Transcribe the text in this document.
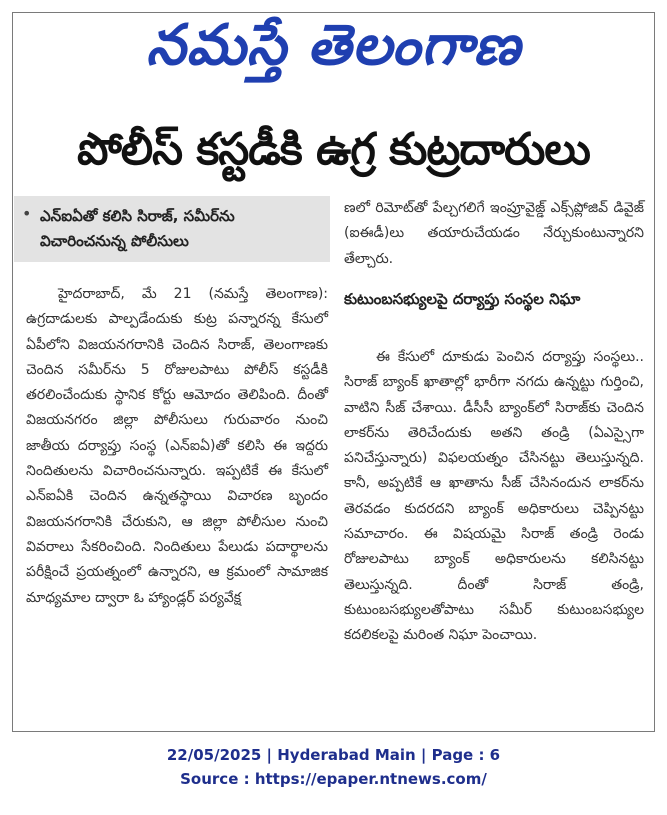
నమస్తే తెలంగాణ
పోలీస్ కస్టడీకి ఉగ్ర కుట్రదారులు
• ఎన్ఐఏతో కలిసి సిరాజ్, సమీర్‌ను విచారించనున్న పోలీసులు

హైదరాబాద్, మే 21 (నమస్తే తెలంగాణ): ఉగ్రదాడులకు పాల్పడేందుకు కుట్ర పన్నారన్న కేసులో ఏపీలోని విజయనగరానికి చెందిన సిరాజ్, తెలంగాణకు చెందిన సమీర్‌ను 5 రోజులపాటు పోలీస్ కస్టడీకి తరలించేందుకు స్థానిక కోర్టు ఆమోదం తెలిపింది. దీంతో విజయనగరం జిల్లా పోలీసులు గురువారం నుంచి జాతీయ దర్యాప్తు సంస్థ (ఎన్ఐఏ)తో కలిసి ఈ ఇద్దరు నిందితులను విచారించనున్నారు. ఇప్పటికే ఈ కేసులో ఎన్ఐఏకి చెందిన ఉన్నతస్థాయి విచారణ బృందం విజయనగరానికి చేరుకుని, ఆ జిల్లా పోలీసుల నుంచి వివరాలు సేకరించింది. నిందితులు పేలుడు పదార్థాలను పరీక్షించే ప్రయత్నంలో ఉన్నారని, ఆ క్రమంలో సామాజిక మాధ్యమాల ద్వారా ఓ హ్యాండ్లర్ పర్యవేక్ష

ణలో రిమోట్‌తో పేల్చగలిగే ఇంప్రూవైజ్డ్ ఎక్స్‌ప్లోజివ్ డివైజ్ (ఐఈడీ)లు తయారుచేయడం నేర్చుకుంటున్నారని తేల్చారు.

కుటుంబసభ్యులపై దర్యాప్తు సంస్థల నిఘా

ఈ కేసులో దూకుడు పెంచిన దర్యాప్తు సంస్థలు.. సిరాజ్ బ్యాంక్ ఖాతాల్లో భారీగా నగదు ఉన్నట్టు గుర్తించి, వాటిని సీజ్ చేశాయి. డీసీసీ బ్యాంక్‌లో సిరాజ్‌కు చెందిన లాకర్‌ను తెరిచేందుకు అతని తండ్రి (ఏఎస్సైగా పనిచేస్తున్నారు) విఫలయత్నం చేసినట్టు తెలుస్తున్నది. కానీ, అప్పటికే ఆ ఖాతాను సీజ్ చేసినందున లాకర్‌ను తెరవడం కుదరదని బ్యాంక్ అధికారులు చెప్పినట్టు సమాచారం. ఈ విషయమై సిరాజ్ తండ్రి రెండు రోజులపాటు బ్యాంక్ అధికారులను కలిసినట్టు తెలుస్తున్నది. దీంతో సిరాజ్ తండ్రి, కుటుంబసభ్యులతోపాటు సమీర్ కుటుంబసభ్యుల కదలికలపై మరింత నిఘా పెంచాయి.

22/05/2025 | Hyderabad Main | Page : 6
Source : https://epaper.ntnews.com/
